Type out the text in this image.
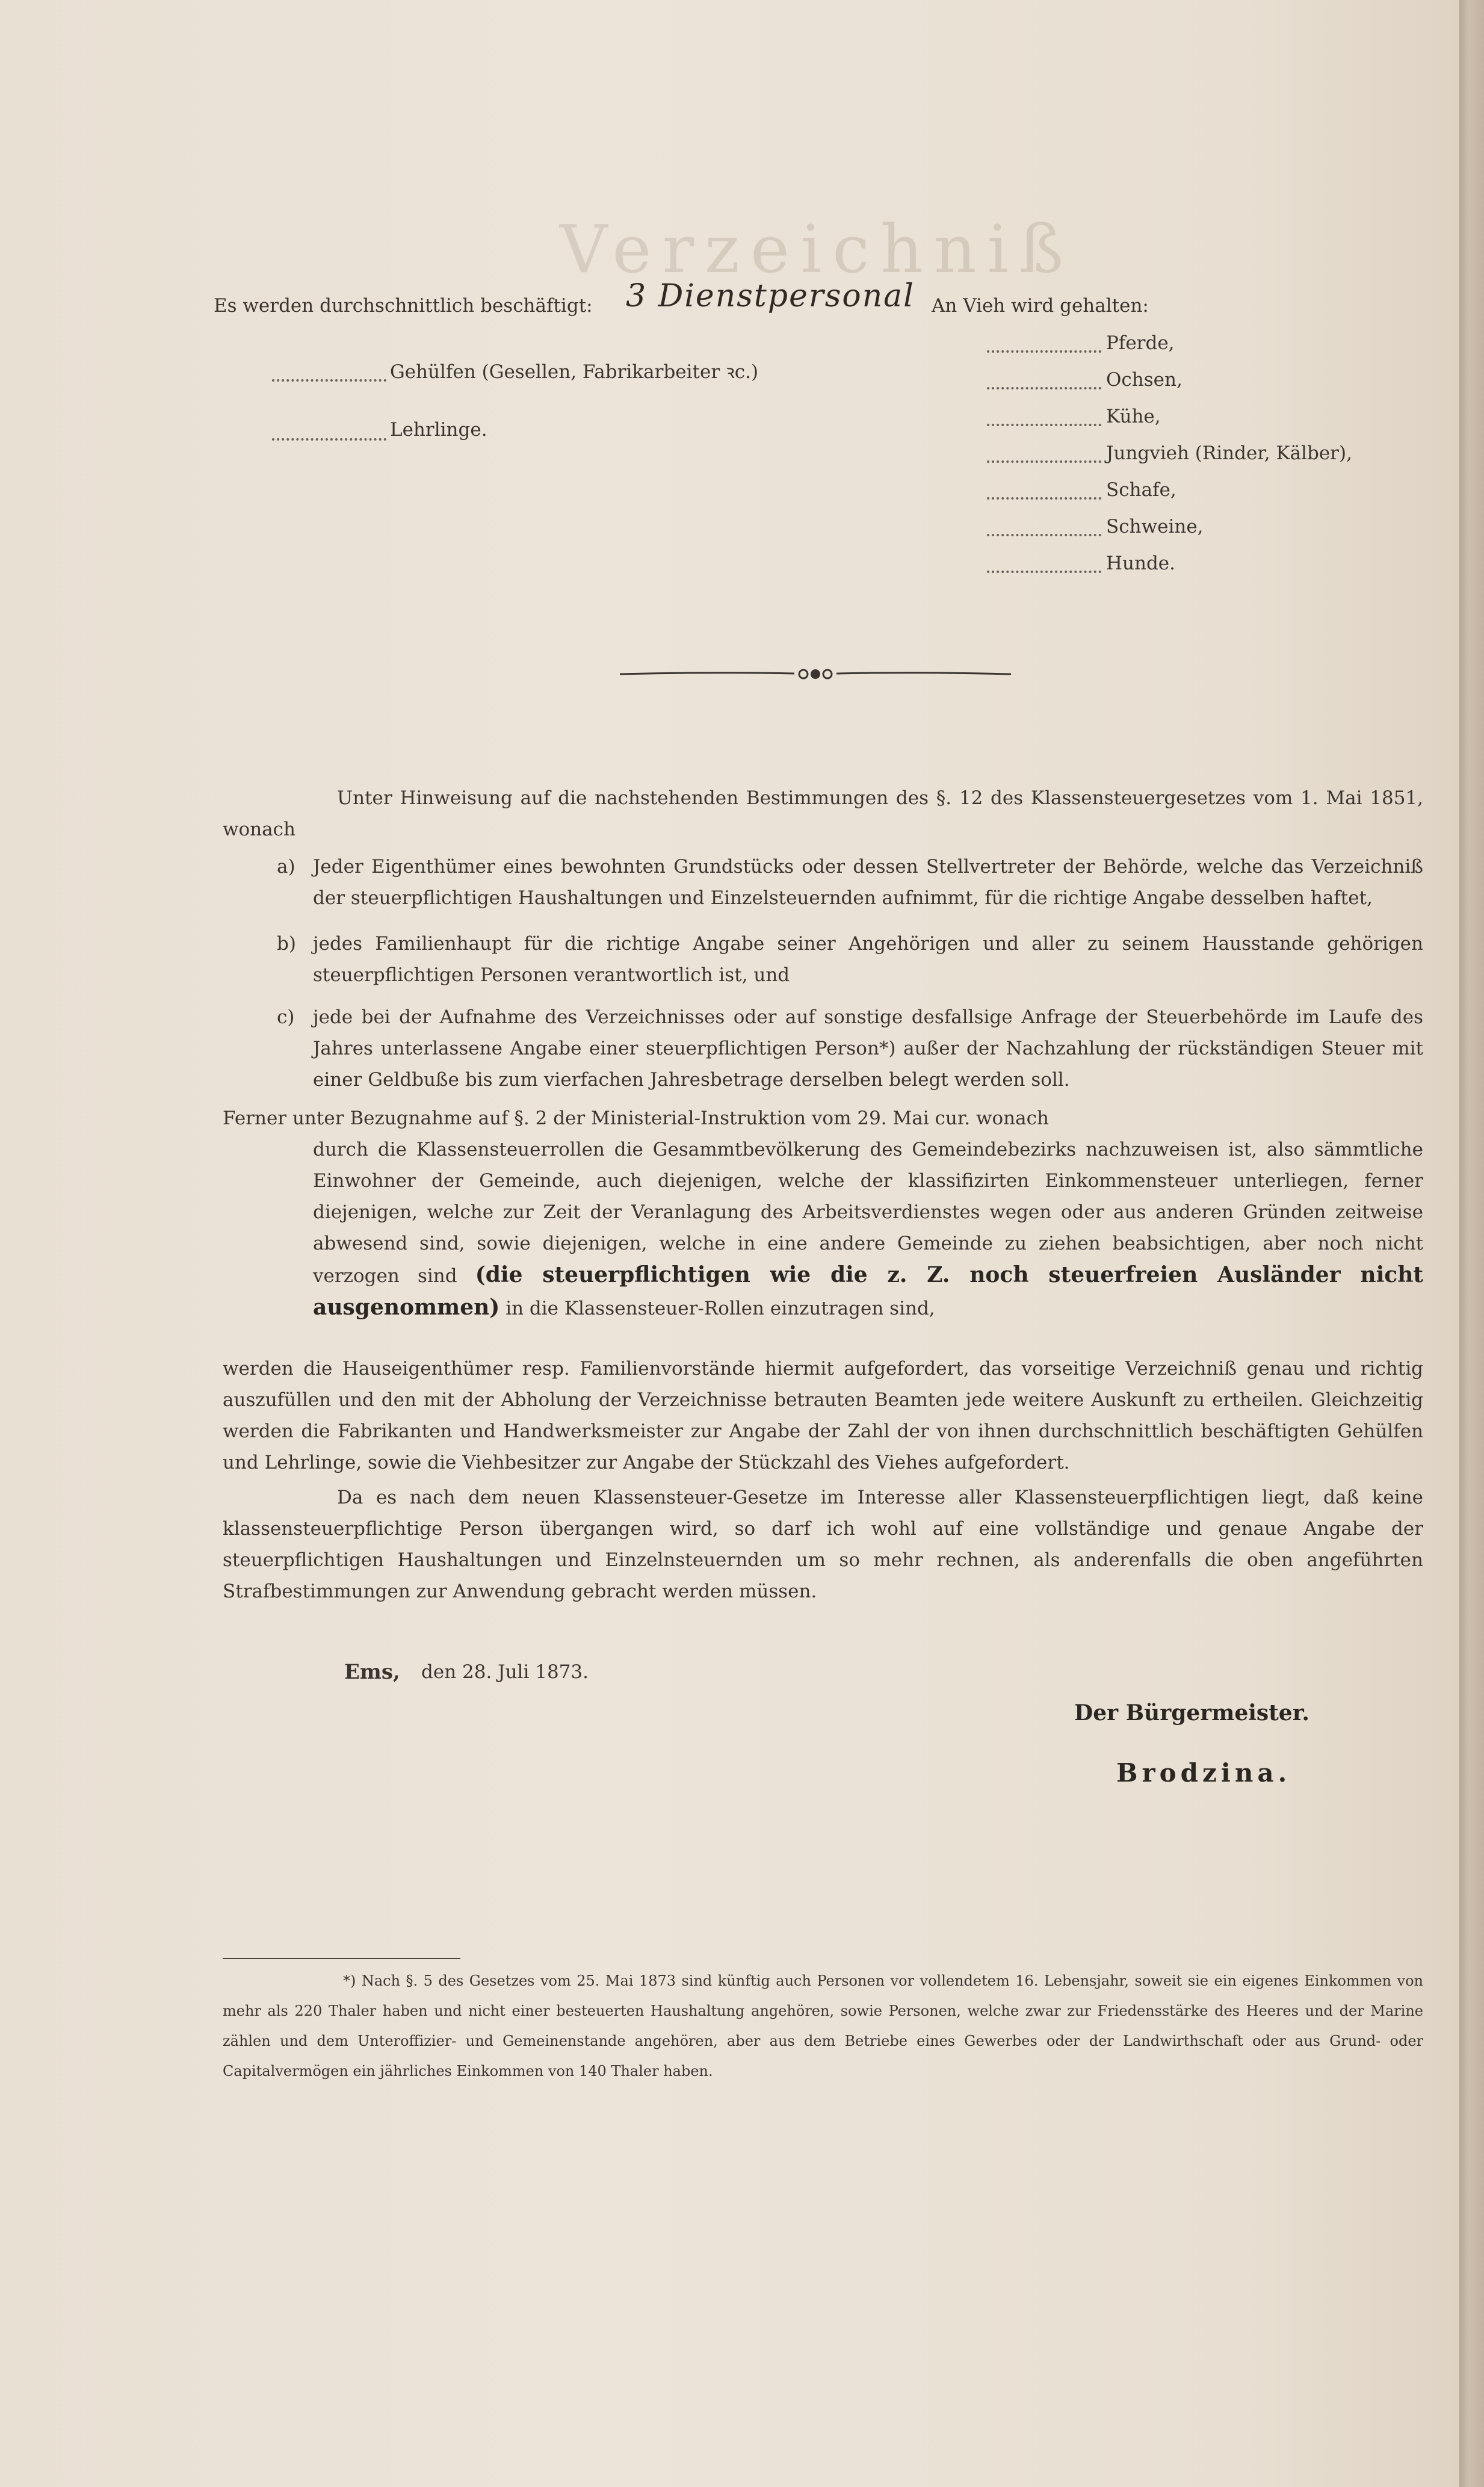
Verzeichniß
Es werden durchschnittlich beschäftigt: 3 Dienstpersonal
Gehülfen (Gesellen, Fabrikarbeiter ꝛc.)
Lehrlinge.
An Vieh wird gehalten:
Pferde,
Ochsen,
Kühe,
Jungvieh (Rinder, Kälber),
Schafe,
Schweine,
Hunde.
Unter Hinweisung auf die nachstehenden Bestimmungen des §. 12 des Klassensteuergesetzes vom 1. Mai 1851, wonach
a) Jeder Eigenthümer eines bewohnten Grundstücks oder dessen Stellvertreter der Behörde, welche das Verzeichniß der steuerpflichtigen Haushaltungen und Einzelsteuernden aufnimmt, für die richtige Angabe desselben haftet,
b) jedes Familienhaupt für die richtige Angabe seiner Angehörigen und aller zu seinem Hausstande gehörigen steuerpflichtigen Personen verantwortlich ist, und
c) jede bei der Aufnahme des Verzeichnisses oder auf sonstige desfallsige Anfrage der Steuerbehörde im Laufe des Jahres unterlassene Angabe einer steuerpflichtigen Person*) außer der Nachzahlung der rückständigen Steuer mit einer Geldbuße bis zum vierfachen Jahresbetrage derselben belegt werden soll.
Ferner unter Bezugnahme auf §. 2 der Ministerial-Instruktion vom 29. Mai cur. wonach
durch die Klassensteuerrollen die Gesammtbevölkerung des Gemeindebezirks nachzuweisen ist, also sämmtliche Einwohner der Gemeinde, auch diejenigen, welche der klassifizirten Einkommensteuer unterliegen, ferner diejenigen, welche zur Zeit der Veranlagung des Arbeitsverdienstes wegen oder aus anderen Gründen zeitweise abwesend sind, sowie diejenigen, welche in eine andere Gemeinde zu ziehen beabsichtigen, aber noch nicht verzogen sind (die steuerpflichtigen wie die z. Z. noch steuerfreien Ausländer nicht ausgenommen) in die Klassensteuer-Rollen einzutragen sind,
werden die Hauseigenthümer resp. Familienvorstände hiermit aufgefordert, das vorseitige Verzeichniß genau und richtig auszufüllen und den mit der Abholung der Verzeichnisse betrauten Beamten jede weitere Auskunft zu ertheilen. Gleichzeitig werden die Fabrikanten und Handwerksmeister zur Angabe der Zahl der von ihnen durchschnittlich beschäftigten Gehülfen und Lehrlinge, sowie die Viehbesitzer zur Angabe der Stückzahl des Viehes aufgefordert.
Da es nach dem neuen Klassensteuer-Gesetze im Interesse aller Klassensteuerpflichtigen liegt, daß keine klassensteuerpflichtige Person übergangen wird, so darf ich wohl auf eine vollständige und genaue Angabe der steuerpflichtigen Haushaltungen und Einzelnsteuernden um so mehr rechnen, als anderenfalls die oben angeführten Strafbestimmungen zur Anwendung gebracht werden müssen.
Ems, den 28. Juli 1873.
Der Bürgermeister.
Brodzina.
*) Nach §. 5 des Gesetzes vom 25. Mai 1873 sind künftig auch Personen vor vollendetem 16. Lebensjahr, soweit sie ein eigenes Einkommen von mehr als 220 Thaler haben und nicht einer besteuerten Haushaltung angehören, sowie Personen, welche zwar zur Friedensstärke des Heeres und der Marine zählen und dem Unteroffizier- und Gemeinenstande angehören, aber aus dem Betriebe eines Gewerbes oder der Landwirthschaft oder aus Grund- oder Capitalvermögen ein jährliches Einkommen von 140 Thaler haben.
